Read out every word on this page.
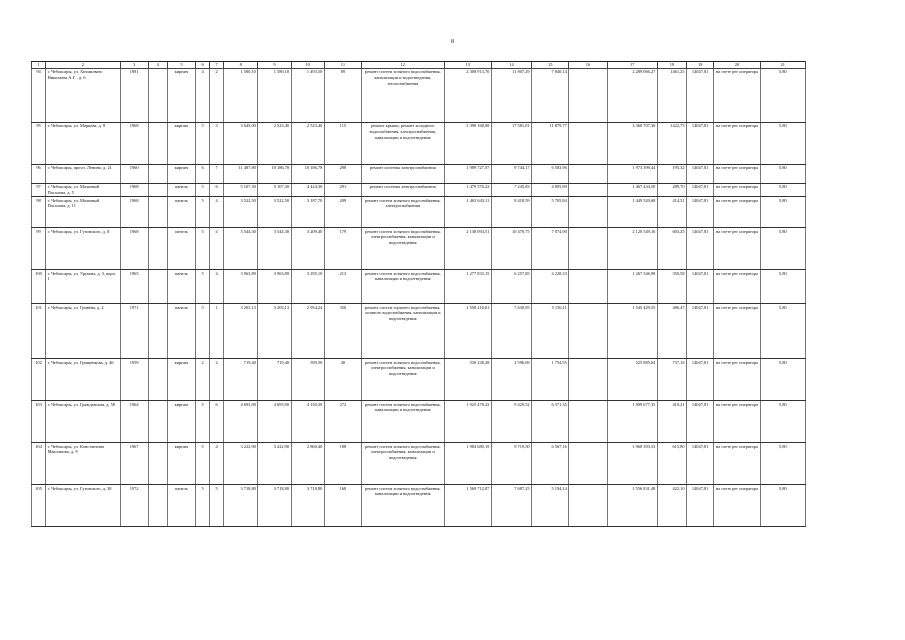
8
1	2	3	4	5	6	7	8	9	10	11	12	13	14	15	16	17	18	19	20	21
94	г. Чебоксары, ул. Хочмилвато Николаева А.Г. , д. 6	1981		кирпич	4	2	1 580,10	1 580,10	1 493,50	89	ремонт систем хозяного водоснабжения, канализации и водоотведения, теплоснабжения	2 308 913,70	11 807,29	7 840,14		2 289 066,27	1461,25	14047,81	на счете рег оператора	5,80
95	г. Чебоксары, ул. Марцева, д. 8	1968		кирпич	5	3	3 645,00	2 523,40	2 523,40	115	ремонт крыши, ремонт холодного водоснабжения, электроснабжения, канализации и водоотведения	3 390 168,08	17 581,01	11 879,77		3 360 707,30	1422,75	14047,81	на счете рег оператора	5,80
96	г. Чебоксары, просп. Ленина, д. 21	1960		кирпич	6	7	11 487,80	10 186,78	10 186,78	298	ремонт системы электроснабжения	1 989 727,57	9 744,17	6 583,96		1 973 399,44	195,32	14047,81	на счете рег оператора	5,80
97	г. Чебоксары, ул. Малинкой Пасалова, д. 5	1968		панель	5	6	5 107,30	5 107,30	4 424,30	291	ремонт системы электроснабжения	1 479 576,22	7 245,83	4 895,89		1 467 434,50	289,70	14047,81	на счете рег оператора	5,80
98	г. Чебоксары, ул. Малинкой Пасалова, д. 11	1968		панель	5	4	3 522,50	3 522,50	3 187,70	209	ремонт систем хозяного водоснабжения, электроснабжения	1 463 643,11	8 418,59	5 705,84		1 449 520,68	414,51	14047,81	на счете рег оператора	5,80
99	г. Чебоксары, ул. Гузовского, д. 8	1968		панель	5	4	3 544,30	3 544,30	3 209,40	179	ремонт систем хозяного водоснабжения, электроснабжения, канализации и водоотведения	2 138 094,51	10 470,75	7 074,90		2 120 549,16	603,25	14047,81	на счете рег оператора	5,80
100	г. Чебоксары, ул. Урукова, д. 3, корп. 1	1965		панель	5	4	3 963,89	3 963,89	3 295,10	213	ремонт систем хозяного водоснабжения, канализации и водоотведения	1 277 833,15	6 257,85	4 228,33		1 267 346,98	350,58	14047,81	на счете рег оператора	5,80
101	г. Чебоксары, ул. Гривёва, д. 4	1971		панель	5	1	3 203,13	3 203,13	2 954,24	350	ремонт систем горячего водоснабжения, хозяного водоснабжения, канализации и водоотведения	1 558 216,61	7 630,95	5 156,11		1 545 429,55	486,47	14047,81	на счете рег оператора	5,80
102	г. Чебоксары, ул. Грищенкова, д. 46	1959		кирпич	2	2	719,40	719,40	599,50	40	ремонт систем хозяного водоснабжения, электроснабжения, канализации и водоотведения	530 238,28	2 596,69	1 754,55		525 885,04	737,16	14047,81	на счете рег оператора	5,80
103	г. Чебоксары, ул. Гражданская, д. 58	1964		кирпич	5	6	4 693,90	4 693,90	4 150,30	272	ремонт систем хозяного водоснабжения, канализации и водоотведения	1 925 478,22	9 429,52	6 371,35		1 909 677,35	410,21	14047,81	на счете рег оператора	5,80
104	г. Чебоксары, ул. Константина Максимова, д. 9	1967		кирпич	5	4	3 222,90	3 222,90	2 860,40	188	ремонт систем хозяного водоснабжения, электроснабжения, канализации и водоотведения	1 984 680,19	9 719,50	6 567,16		1 968 393,53	615,80	14047,81	на счете рег оператора	5,80
105	г. Чебоксары, ул. Гузовского, д. 38	1972		панель	5	5	3 718,80	3 718,80	3 718,80	168	ремонт систем хозяного водоснабжения, канализации и водоотведения	1 569 712,87	7 687,25	5 194,14		1 556 831,48	422,10	14047,81	на счете рег оператора	5,80
